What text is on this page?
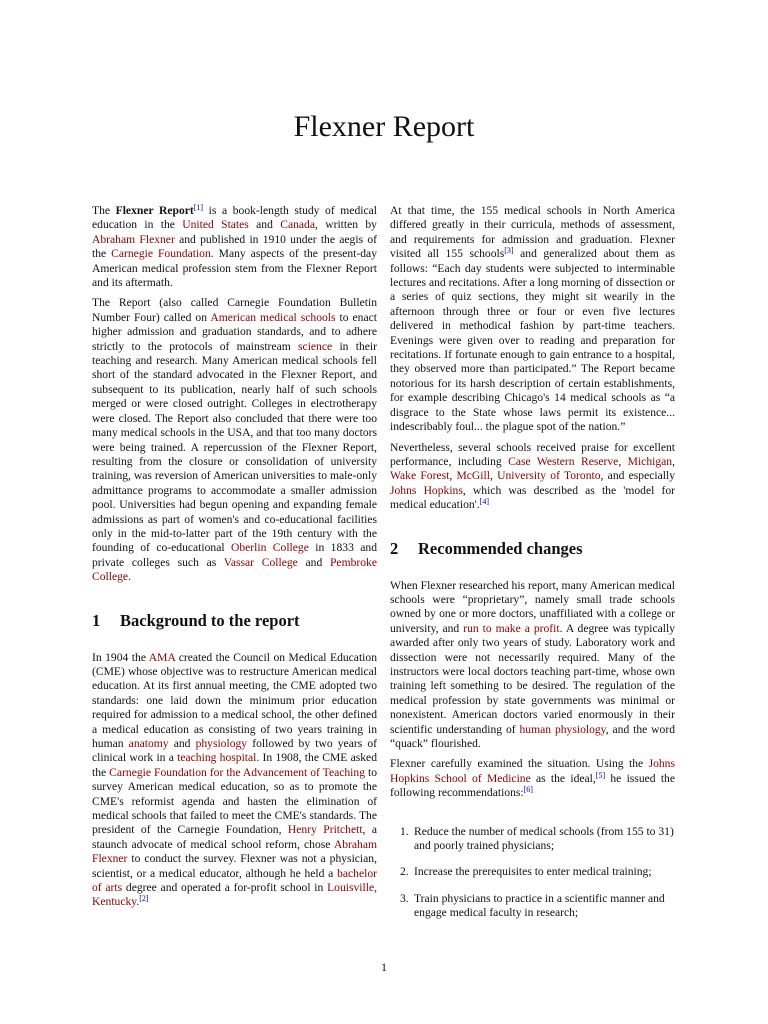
Flexner Report

The Flexner Report[1] is a book-length study of medical education in the United States and Canada, written by Abraham Flexner and published in 1910 under the aegis of the Carnegie Foundation. Many aspects of the present-day American medical profession stem from the Flexner Report and its aftermath.

The Report (also called Carnegie Foundation Bulletin Number Four) called on American medical schools to enact higher admission and graduation standards, and to adhere strictly to the protocols of mainstream science in their teaching and research. Many American medical schools fell short of the standard advocated in the Flexner Report, and subsequent to its publication, nearly half of such schools merged or were closed outright. Colleges in electrotherapy were closed. The Report also concluded that there were too many medical schools in the USA, and that too many doctors were being trained. A repercussion of the Flexner Report, resulting from the closure or consolidation of university training, was reversion of American universities to male-only admittance programs to accommodate a smaller admission pool. Universities had begun opening and expanding female admissions as part of women's and co-educational facilities only in the mid-to-latter part of the 19th century with the founding of co-educational Oberlin College in 1833 and private colleges such as Vassar College and Pembroke College.

1 Background to the report

In 1904 the AMA created the Council on Medical Education (CME) whose objective was to restructure American medical education. At its first annual meeting, the CME adopted two standards: one laid down the minimum prior education required for admission to a medical school, the other defined a medical education as consisting of two years training in human anatomy and physiology followed by two years of clinical work in a teaching hospital. In 1908, the CME asked the Carnegie Foundation for the Advancement of Teaching to survey American medical education, so as to promote the CME's reformist agenda and hasten the elimination of medical schools that failed to meet the CME's standards. The president of the Carnegie Foundation, Henry Pritchett, a staunch advocate of medical school reform, chose Abraham Flexner to conduct the survey. Flexner was not a physician, scientist, or a medical educator, although he held a bachelor of arts degree and operated a for-profit school in Louisville, Kentucky.[2]

At that time, the 155 medical schools in North America differed greatly in their curricula, methods of assessment, and requirements for admission and graduation. Flexner visited all 155 schools[3] and generalized about them as follows: “Each day students were subjected to interminable lectures and recitations. After a long morning of dissection or a series of quiz sections, they might sit wearily in the afternoon through three or four or even five lectures delivered in methodical fashion by part-time teachers. Evenings were given over to reading and preparation for recitations. If fortunate enough to gain entrance to a hospital, they observed more than participated.” The Report became notorious for its harsh description of certain establishments, for example describing Chicago's 14 medical schools as “a disgrace to the State whose laws permit its existence... indescribably foul... the plague spot of the nation.”

Nevertheless, several schools received praise for excellent performance, including Case Western Reserve, Michigan, Wake Forest, McGill, University of Toronto, and especially Johns Hopkins, which was described as the 'model for medical education'.[4]

2 Recommended changes

When Flexner researched his report, many American medical schools were “proprietary”, namely small trade schools owned by one or more doctors, unaffiliated with a college or university, and run to make a profit. A degree was typically awarded after only two years of study. Laboratory work and dissection were not necessarily required. Many of the instructors were local doctors teaching part-time, whose own training left something to be desired. The regulation of the medical profession by state governments was minimal or nonexistent. American doctors varied enormously in their scientific understanding of human physiology, and the word “quack” flourished.

Flexner carefully examined the situation. Using the Johns Hopkins School of Medicine as the ideal,[5] he issued the following recommendations:[6]

1. Reduce the number of medical schools (from 155 to 31) and poorly trained physicians;
2. Increase the prerequisites to enter medical training;
3. Train physicians to practice in a scientific manner and engage medical faculty in research;
1
